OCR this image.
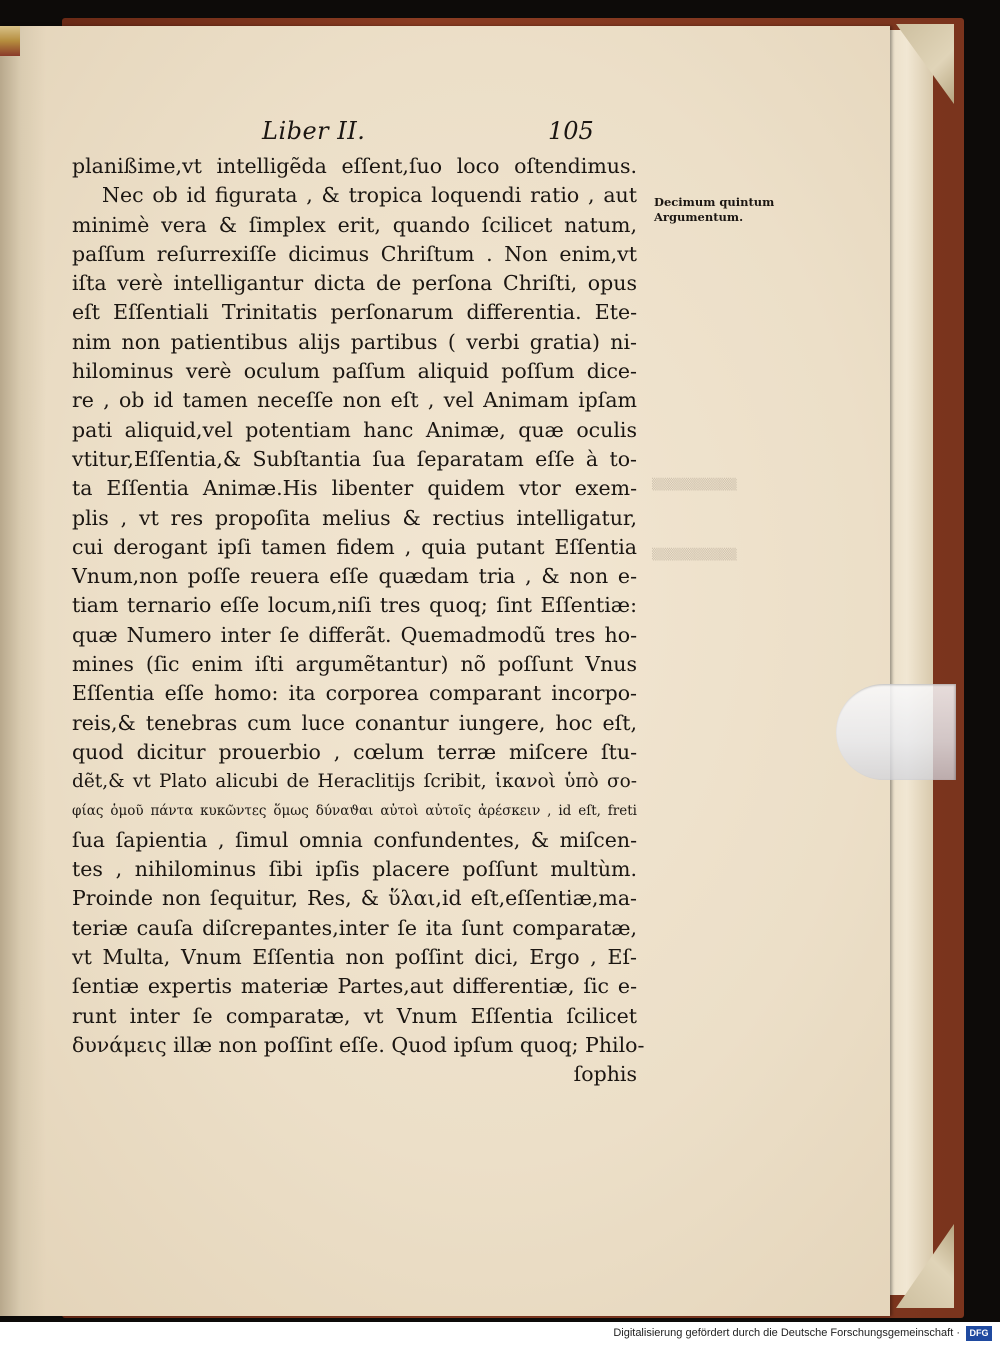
▒▒▒▒▒▒▒▒▒▒
▒▒▒▒▒▒▒▒▒▒
Liber II.	105
Decimum quintum
Argumentum.
planißime,vt intelligẽda eſſent,ſuo loco oſtendimus.
Nec ob id figurata , & tropica loquendi ratio , aut
minimè vera & ſimplex erit, quando ſcilicet natum,
paſſum reſurrexiſſe dicimus Chriſtum . Non enim,vt
iſta verè intelligantur dicta de perſona Chriſti, opus
eſt Eſſentiali Trinitatis perſonarum differentia. Ete-
nim non patientibus alijs partibus ( verbi gratia) ni-
hilominus verè oculum paſſum aliquid poſſum dice-
re , ob id tamen neceſſe non eſt , vel Animam ipſam
pati aliquid,vel potentiam hanc Animæ, quæ oculis
vtitur,Eſſentia,& Subſtantia ſua ſeparatam eſſe à to-
ta Eſſentia Animæ.His libenter quidem vtor exem-
plis , vt res propoſita melius & rectius intelligatur,
cui derogant ipſi tamen fidem , quia putant Eſſentia
Vnum,non poſſe reuera eſſe quædam tria , & non e-
tiam ternario eſſe locum,niſi tres quoq; ſint Eſſentiæ:
quæ Numero inter ſe differãt. Quemadmodũ tres ho-
mines (ſic enim iſti argumẽtantur) nõ poſſunt Vnus
Eſſentia eſſe homo: ita corporea comparant incorpo-
reis,& tenebras cum luce conantur iungere, hoc eſt,
quod dicitur prouerbio , cœlum terræ miſcere ſtu-
dẽt,& vt Plato alicubi de Heraclitijs ſcribit, ἱκανοὶ ὑπὸ σο-
φίας ὁμοῦ πάντα κυκῶντες ὅμως δύναϑαι αὐτοὶ αὐτοῖς ἀρέσκειν , id eſt, freti
ſua ſapientia , ſimul omnia confundentes, & miſcen-
tes , nihilominus ſibi ipſis placere poſſunt multùm.
Proinde non ſequitur, Res, & ὕλαι,id eſt,eſſentiæ,ma-
teriæ cauſa diſcrepantes,inter ſe ita ſunt comparatæ,
vt Multa, Vnum Eſſentia non poſſint dici, Ergo , Eſ-
ſentiæ expertis materiæ Partes,aut differentiæ, ſic e-
runt inter ſe comparatæ, vt Vnum Eſſentia ſcilicet
δυνάμεις illæ non poſſint eſſe. Quod ipſum quoq; Philo-
ſophis
Digitalisierung gefördert durch die Deutsche Forschungsgemeinschaft ·	DFG
